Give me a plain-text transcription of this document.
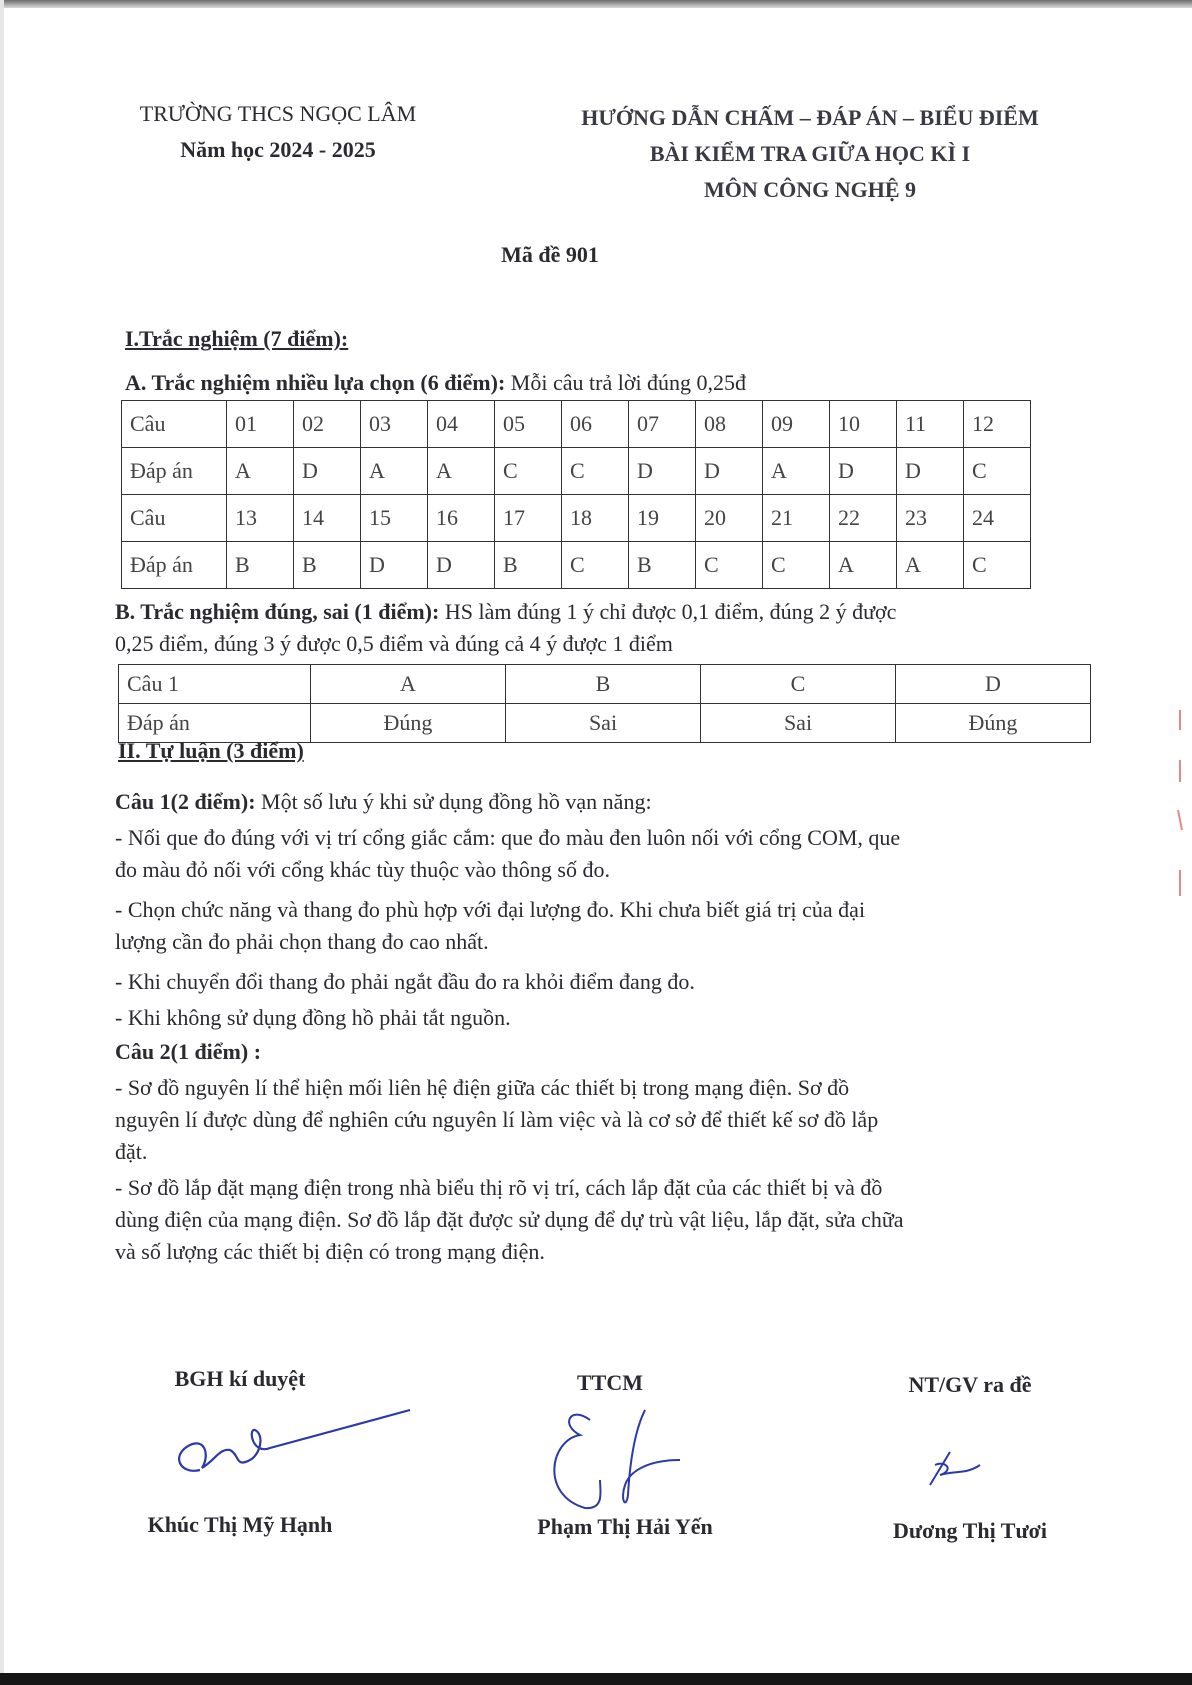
TRƯỜNG THCS NGỌC LÂM
Năm học 2024 - 2025
HƯỚNG DẪN CHẤM – ĐÁP ÁN – BIỂU ĐIỂM
BÀI KIỂM TRA GIỮA HỌC KÌ I
MÔN CÔNG NGHỆ 9
Mã đề 901
I.Trắc nghiệm (7 điểm):
A. Trắc nghiệm nhiều lựa chọn (6 điểm): Mỗi câu trả lời đúng 0,25đ
Câu	01	02	03	04	05	06	07	08	09	10	11	12
Đáp án	A	D	A	A	C	C	D	D	A	D	D	C
Câu	13	14	15	16	17	18	19	20	21	22	23	24
Đáp án	B	B	D	D	B	C	B	C	C	A	A	C
B. Trắc nghiệm đúng, sai (1 điểm): HS làm đúng 1 ý chỉ được 0,1 điểm, đúng 2 ý được
0,25 điểm, đúng 3 ý được 0,5 điểm và đúng cả 4 ý được 1 điểm
Câu 1	A	B	C	D
Đáp án	Đúng	Sai	Sai	Đúng
II. Tự luận (3 điểm)
Câu 1(2 điểm): Một số lưu ý khi sử dụng đồng hồ vạn năng:
- Nối que đo đúng với vị trí cổng giắc cắm: que đo màu đen luôn nối với cổng COM, que
đo màu đỏ nối với cổng khác tùy thuộc vào thông số đo.
- Chọn chức năng và thang đo phù hợp với đại lượng đo. Khi chưa biết giá trị của đại
lượng cần đo phải chọn thang đo cao nhất.
- Khi chuyển đổi thang đo phải ngắt đầu đo ra khỏi điểm đang đo.
- Khi không sử dụng đồng hồ phải tắt nguồn.
Câu 2(1 điểm) :
- Sơ đồ nguyên lí thể hiện mối liên hệ điện giữa các thiết bị trong mạng điện. Sơ đồ
nguyên lí được dùng để nghiên cứu nguyên lí làm việc và là cơ sở để thiết kế sơ đồ lắp
đặt.
- Sơ đồ lắp đặt mạng điện trong nhà biểu thị rõ vị trí, cách lắp đặt của các thiết bị và đồ
dùng điện của mạng điện. Sơ đồ lắp đặt được sử dụng để dự trù vật liệu, lắp đặt, sửa chữa
và số lượng các thiết bị điện có trong mạng điện.
BGH kí duyệt	TTCM	NT/GV ra đề
Khúc Thị Mỹ Hạnh	Phạm Thị Hải Yến	Dương Thị Tươi
